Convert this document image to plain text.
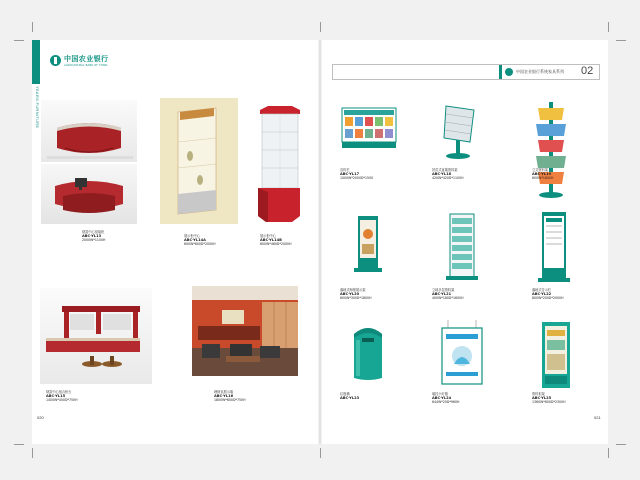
YEARS FURNITURE
中国农业银行
AGRICULTURAL BANK OF CHINA
财富中心组接柜
ABC-YL13
2000W*1100H
展示柜中心
ABC-YL14A
600W*600D*2000H
展示柜中心
ABC-YL14B
600W*460D*2000H
财富中心组合柜台
ABC-YL15
1400W*450D*750H
理财室展示墙
ABC-YL16
1800W*600D*750H
020
中国农业银行系统家具系列 02
宣传栏
ABC-YL17
1000W*2000D*1500
折页式直插资料架
ABC-YL18
420W*420D*1100H
立式资料架
ABC-YL19
600W*1600H
落地式海报展示架
ABC-YL20
600W*300D*1800H
立地多层资料架
ABC-YL21
400W*180D*1600H
落地式告示栏
ABC-YL22
800W*200D*2000H
垃圾桶
ABC-YL23
墙挂小灯箱
ABC-YL24
644W*20D*960H
资料柜架
ABC-YL25
1360W*600D*2300H
021
